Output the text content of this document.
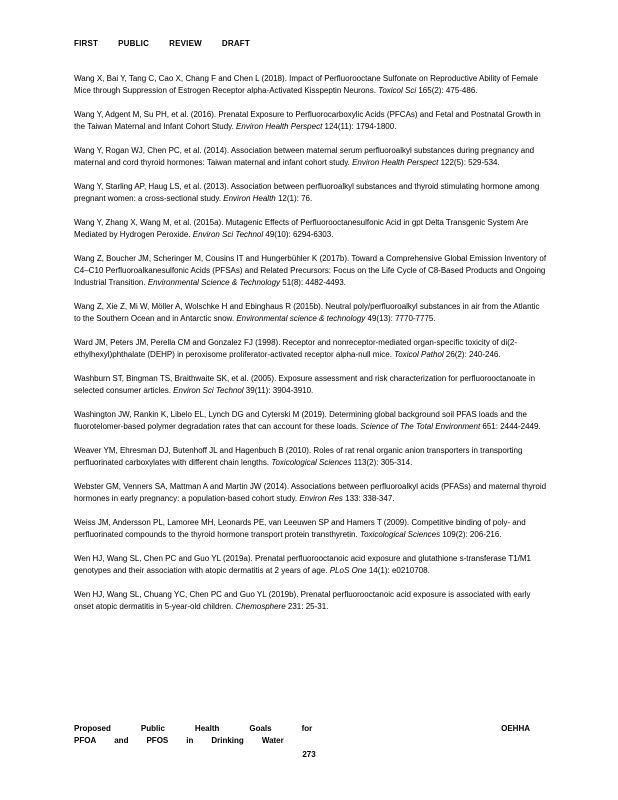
FIRST	PUBLIC	REVIEW	DRAFT

Wang X, Bai Y, Tang C, Cao X, Chang F and Chen L (2018). Impact of Perfluorooctane Sulfonate on Reproductive Ability of Female Mice through Suppression of Estrogen Receptor alpha-Activated Kisspeptin Neurons. Toxicol Sci 165(2): 475-486.

Wang Y, Adgent M, Su PH, et al. (2016). Prenatal Exposure to Perfluorocarboxylic Acids (PFCAs) and Fetal and Postnatal Growth in the Taiwan Maternal and Infant Cohort Study. Environ Health Perspect 124(11): 1794-1800.

Wang Y, Rogan WJ, Chen PC, et al. (2014). Association between maternal serum perfluoroalkyl substances during pregnancy and maternal and cord thyroid hormones: Taiwan maternal and infant cohort study. Environ Health Perspect 122(5): 529-534.

Wang Y, Starling AP, Haug LS, et al. (2013). Association between perfluoroalkyl substances and thyroid stimulating hormone among pregnant women: a cross-sectional study. Environ Health 12(1): 76.

Wang Y, Zhang X, Wang M, et al. (2015a). Mutagenic Effects of Perfluorooctanesulfonic Acid in gpt Delta Transgenic System Are Mediated by Hydrogen Peroxide. Environ Sci Technol 49(10): 6294-6303.

Wang Z, Boucher JM, Scheringer M, Cousins IT and Hungerbühler K (2017b). Toward a Comprehensive Global Emission Inventory of C4–C10 Perfluoroalkanesulfonic Acids (PFSAs) and Related Precursors: Focus on the Life Cycle of C8-Based Products and Ongoing Industrial Transition. Environmental Science & Technology 51(8): 4482-4493.

Wang Z, Xie Z, Mi W, Möller A, Wolschke H and Ebinghaus R (2015b). Neutral poly/perfluoroalkyl substances in air from the Atlantic to the Southern Ocean and in Antarctic snow. Environmental science & technology 49(13): 7770-7775.

Ward JM, Peters JM, Perella CM and Gonzalez FJ (1998). Receptor and nonreceptor-mediated organ-specific toxicity of di(2-ethylhexyl)phthalate (DEHP) in peroxisome proliferator-activated receptor alpha-null mice. Toxicol Pathol 26(2): 240-246.

Washburn ST, Bingman TS, Braithwaite SK, et al. (2005). Exposure assessment and risk characterization for perfluorooctanoate in selected consumer articles. Environ Sci Technol 39(11): 3904-3910.

Washington JW, Rankin K, Libelo EL, Lynch DG and Cyterski M (2019). Determining global background soil PFAS loads and the fluorotelomer-based polymer degradation rates that can account for these loads. Science of The Total Environment 651: 2444-2449.

Weaver YM, Ehresman DJ, Butenhoff JL and Hagenbuch B (2010). Roles of rat renal organic anion transporters in transporting perfluorinated carboxylates with different chain lengths. Toxicological Sciences 113(2): 305-314.

Webster GM, Venners SA, Mattman A and Martin JW (2014). Associations between perfluoroalkyl acids (PFASs) and maternal thyroid hormones in early pregnancy: a population-based cohort study. Environ Res 133: 338-347.

Weiss JM, Andersson PL, Lamoree MH, Leonards PE, van Leeuwen SP and Hamers T (2009). Competitive binding of poly- and perfluorinated compounds to the thyroid hormone transport protein transthyretin. Toxicological Sciences 109(2): 206-216.

Wen HJ, Wang SL, Chen PC and Guo YL (2019a). Prenatal perfluorooctanoic acid exposure and glutathione s-transferase T1/M1 genotypes and their association with atopic dermatitis at 2 years of age. PLoS One 14(1): e0210708.

Wen HJ, Wang SL, Chuang YC, Chen PC and Guo YL (2019b). Prenatal perfluorooctanoic acid exposure is associated with early onset atopic dermatitis in 5-year-old children. Chemosphere 231: 25-31.

Proposed	Public	Health	Goals	for	OEHHA
PFOA and PFOS in Drinking Water
273
